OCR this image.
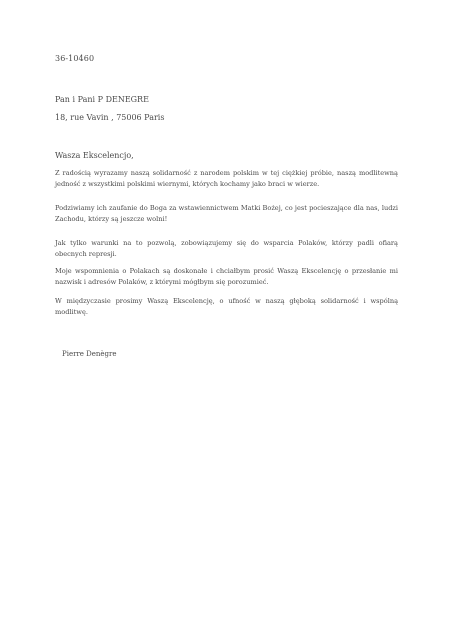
36-10460
Pan i Pani P DENEGRE
18, rue Vavin , 75006 Paris
Wasza Ekscelencjo,
Z radością wyrazamy naszą solidarność z narodem polskim w tej ciężkiej próbie, naszą modlitewną jedność z wszystkimi polskimi wiernymi, których kochamy jako braci w wierze.
Podziwiamy ich zaufanie do Boga za wstawiennictwem Matki Bożej, co jest pocieszające dla nas, ludzi Zachodu, którzy są jeszcze wolni!
Jak tylko warunki na to pozwolą, zobowiązujemy się do wsparcia Polaków, którzy padli ofiarą obecnych represji.
Moje wspomnienia o Polakach są doskonałe i chciałbym prosić Waszą Ekscelencję o przesłanie mi nazwisk i adresów Polaków, z którymi mógłbym się porozumieć.
W międzyczasie prosimy Waszą Ekscelencję, o ufność w naszą głęboką solidarność i wspólną modlitwę.
Pierre Denègre
